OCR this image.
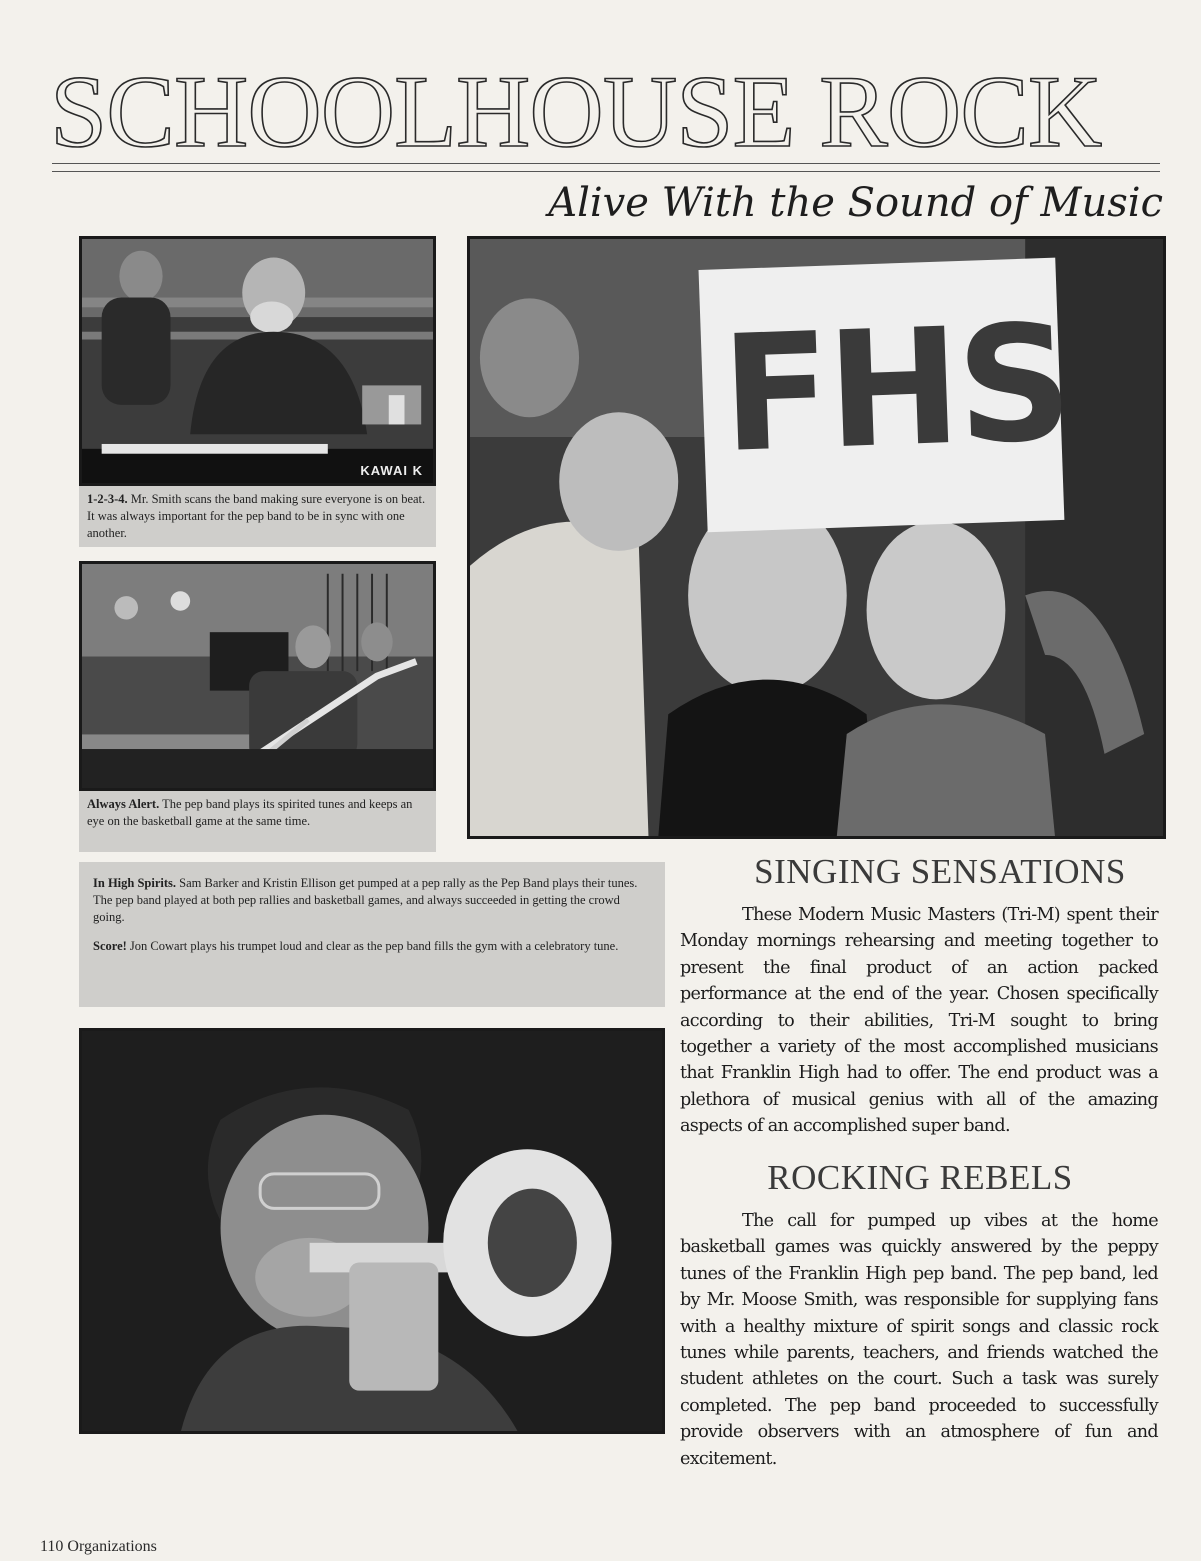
SCHOOLHOUSE ROCK
Alive With the Sound of Music
KAWAI K
1-2-3-4. Mr. Smith scans the band making sure everyone is on beat. It was always important for the pep band to be in sync with one another.
Always Alert. The pep band plays its spirited tunes and keeps an eye on the basketball game at the same time.
FHS
In High Spirits. Sam Barker and Kristin Ellison get pumped at a pep rally as the Pep Band plays their tunes. The pep band played at both pep rallies and basketball games, and always succeeded in getting the crowd going.
Score! Jon Cowart plays his trumpet loud and clear as the pep band fills the gym with a celebratory tune.
SINGING SENSATIONS
These Modern Music Masters (Tri-M) spent their Monday mornings rehearsing and meeting together to present the final product of an action packed performance at the end of the year. Chosen specifically according to their abilities, Tri-M sought to bring together a variety of the most accomplished musicians that Franklin High had to offer. The end product was a plethora of musical genius with all of the amazing aspects of an accomplished super band.
ROCKING REBELS
The call for pumped up vibes at the home basketball games was quickly answered by the peppy tunes of the Franklin High pep band. The pep band, led by Mr. Moose Smith, was responsible for supplying fans with a healthy mixture of spirit songs and classic rock tunes while parents, teachers, and friends watched the student athletes on the court. Such a task was surely completed. The pep band proceeded to successfully provide observers with an atmosphere of fun and excitement.
110 Organizations
